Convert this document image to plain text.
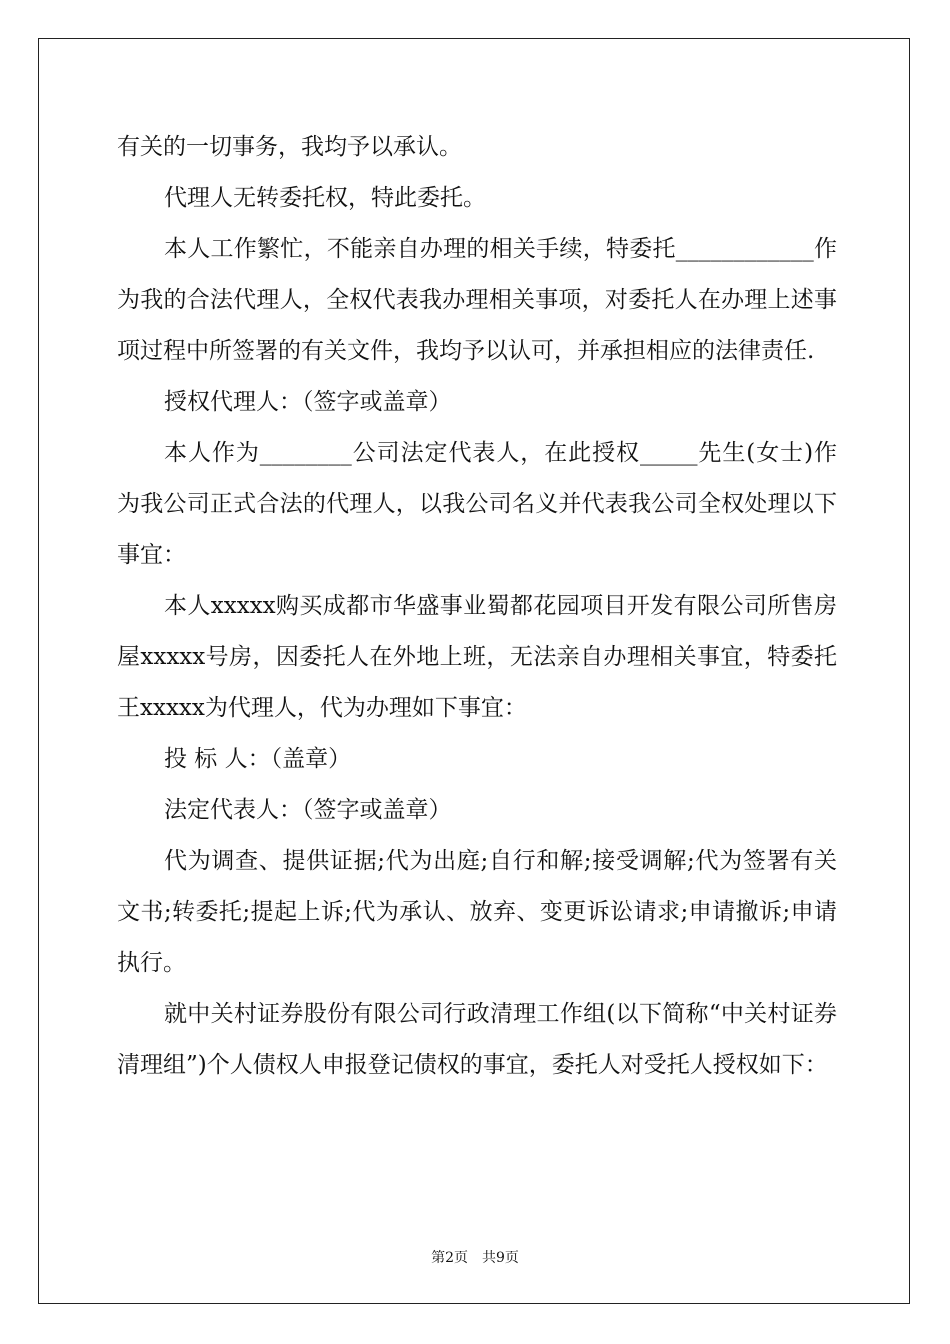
有关的一切事务，我均予以承认。

代理人无转委托权，特此委托。

本人工作繁忙，不能亲自办理的相关手续，特委托____________作为我的合法代理人，全权代表我办理相关事项，对委托人在办理上述事项过程中所签署的有关文件，我均予以认可，并承担相应的法律责任.

授权代理人：（签字或盖章）

本人作为________公司法定代表人，在此授权_____先生(女士)作为我公司正式合法的代理人，以我公司名义并代表我公司全权处理以下事宜：

本人xxxxx购买成都市华盛事业蜀都花园项目开发有限公司所售房屋xxxxx号房，因委托人在外地上班，无法亲自办理相关事宜，特委托王xxxxx为代理人，代为办理如下事宜：

投 标 人：（盖章）

法定代表人：（签字或盖章）

代为调查、提供证据;代为出庭;自行和解;接受调解;代为签署有关文书;转委托;提起上诉;代为承认、放弃、变更诉讼请求;申请撤诉;申请执行。

就中关村证券股份有限公司行政清理工作组(以下简称“中关村证券清理组”)个人债权人申报登记债权的事宜，委托人对受托人授权如下：

第2页　共9页
